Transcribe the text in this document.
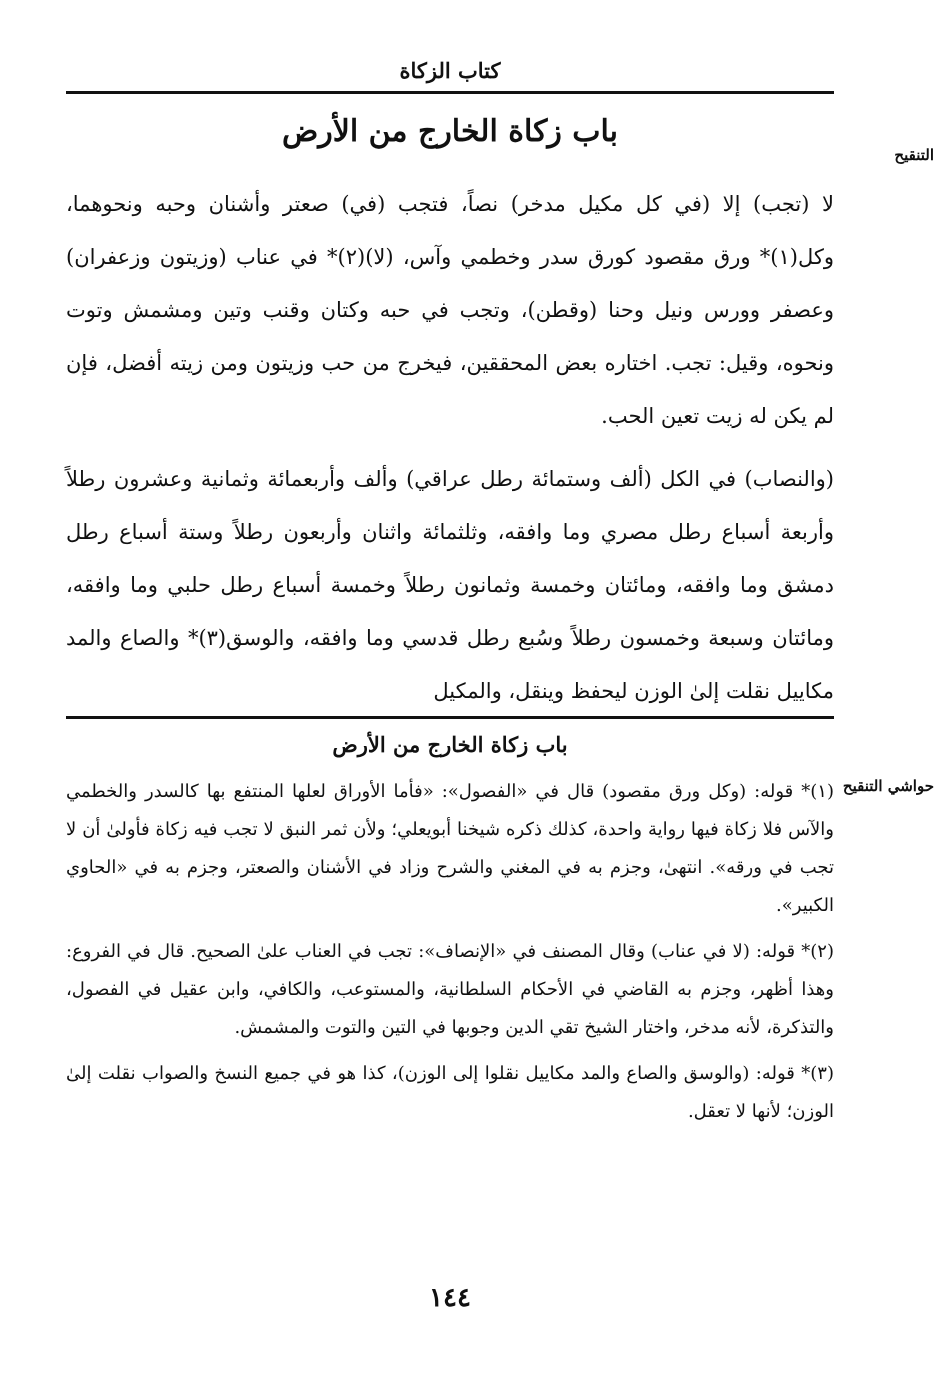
كتاب الزكاة
التنقيح
باب زكاة الخارج من الأرض

لا (تجب) إلا (في كل مكيل مدخر) نصاً، فتجب (في) صعتر وأشنان وحبه ونحوهما، وكل(١)* ورق مقصود كورق سدر وخطمي وآس، (لا)(٢)* في عناب (وزيتون وزعفران) وعصفر وورس ونيل وحنا (وقطن)، وتجب في حبه وكتان وقنب وتين ومشمش وتوت ونحوه، وقيل: تجب. اختاره بعض المحققين، فيخرج من حب وزيتون ومن زيته أفضل، فإن لم يكن له زيت تعين الحب.

(والنصاب) في الكل (ألف وستمائة رطل عراقي) وألف وأربعمائة وثمانية وعشرون رطلاً وأربعة أسباع رطل مصري وما وافقه، وثلثمائة واثنان وأربعون رطلاً وستة أسباع رطل دمشق وما وافقه، ومائتان وخمسة وثمانون رطلاً وخمسة أسباع رطل حلبي وما وافقه، ومائتان وسبعة وخمسون رطلاً وسُبع رطل قدسي وما وافقه، والوسق(٣)* والصاع والمد مكاييل نقلت إلىٰ الوزن ليحفظ وينقل، والمكيل

باب زكاة الخارج من الأرض
حواشي التنقيح

(١)* قوله: (وكل ورق مقصود) قال في «الفصول»: «فأما الأوراق لعلها المنتفع بها كالسدر والخطمي والآس فلا زكاة فيها رواية واحدة، كذلك ذكره شيخنا أبويعلي؛ ولأن ثمر النبق لا تجب فيه زكاة فأولىٰ أن لا تجب في ورقه». انتهىٰ، وجزم به في المغني والشرح وزاد في الأشنان والصعتر، وجزم به في «الحاوي الكبير».

(٢)* قوله: (لا في عناب) وقال المصنف في «الإنصاف»: تجب في العناب علىٰ الصحيح. قال في الفروع: وهذا أظهر، وجزم به القاضي في الأحكام السلطانية، والمستوعب، والكافي، وابن عقيل في الفصول، والتذكرة، لأنه مدخر، واختار الشيخ تقي الدين وجوبها في التين والتوت والمشمش.

(٣)* قوله: (والوسق والصاع والمد مكاييل نقلوا إلى الوزن)، كذا هو في جميع النسخ والصواب نقلت إلىٰ الوزن؛ لأنها لا تعقل.

١٤٤
